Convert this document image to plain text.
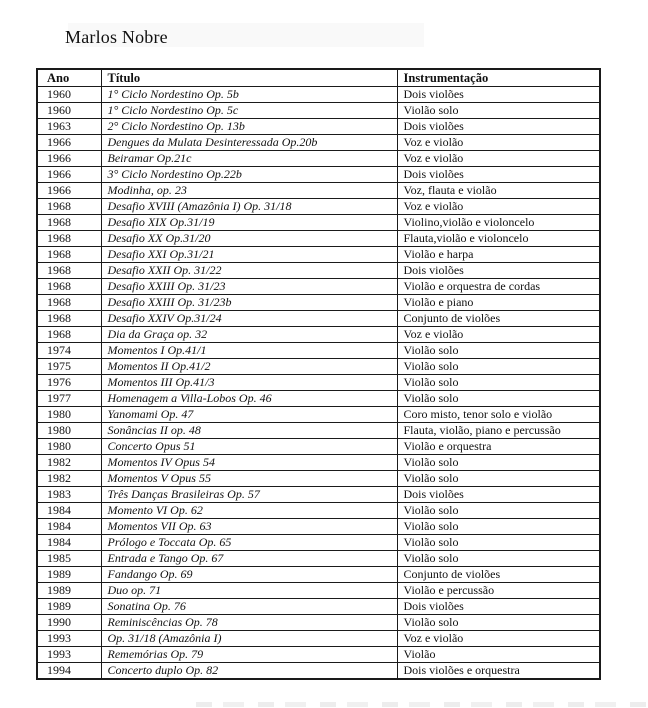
Marlos Nobre
Ano	Título	Instrumentação
1960	1° Ciclo Nordestino Op. 5b	Dois violões
1960	1° Ciclo Nordestino Op. 5c	Violão solo
1963	2° Ciclo Nordestino Op. 13b	Dois violões
1966	Dengues da Mulata Desinteressada Op.20b	Voz e violão
1966	Beiramar Op.21c	Voz e violão
1966	3° Ciclo Nordestino Op.22b	Dois violões
1966	Modinha, op. 23	Voz, flauta e violão
1968	Desafio XVIII (Amazônia I) Op. 31/18	Voz e violão
1968	Desafio XIX Op.31/19	Violino,violão e violoncelo
1968	Desafio XX Op.31/20	Flauta,violão e violoncelo
1968	Desafio XXI Op.31/21	Violão e harpa
1968	Desafio XXII Op. 31/22	Dois violões
1968	Desafio XXIII Op. 31/23	Violão e orquestra de cordas
1968	Desafio XXIII Op. 31/23b	Violão e piano
1968	Desafio XXIV Op.31/24	Conjunto de violões
1968	Dia da Graça op. 32	Voz e violão
1974	Momentos I Op.41/1	Violão solo
1975	Momentos II Op.41/2	Violão solo
1976	Momentos III Op.41/3	Violão solo
1977	Homenagem a Villa-Lobos Op. 46	Violão solo
1980	Yanomami Op. 47	Coro misto, tenor solo e violão
1980	Sonâncias II op. 48	Flauta, violão, piano e percussão
1980	Concerto Opus 51	Violão e orquestra
1982	Momentos IV Opus 54	Violão solo
1982	Momentos V Opus 55	Violão solo
1983	Três Danças Brasileiras Op. 57	Dois violões
1984	Momento VI Op. 62	Violão solo
1984	Momentos VII Op. 63	Violão solo
1984	Prólogo e Toccata Op. 65	Violão solo
1985	Entrada e Tango Op. 67	Violão solo
1989	Fandango Op. 69	Conjunto de violões
1989	Duo op. 71	Violão e percussão
1989	Sonatina Op. 76	Dois violões
1990	Reminiscências Op. 78	Violão solo
1993	Op. 31/18 (Amazônia I)	Voz e violão
1993	Rememórias Op. 79	Violão
1994	Concerto duplo Op. 82	Dois violões e orquestra
